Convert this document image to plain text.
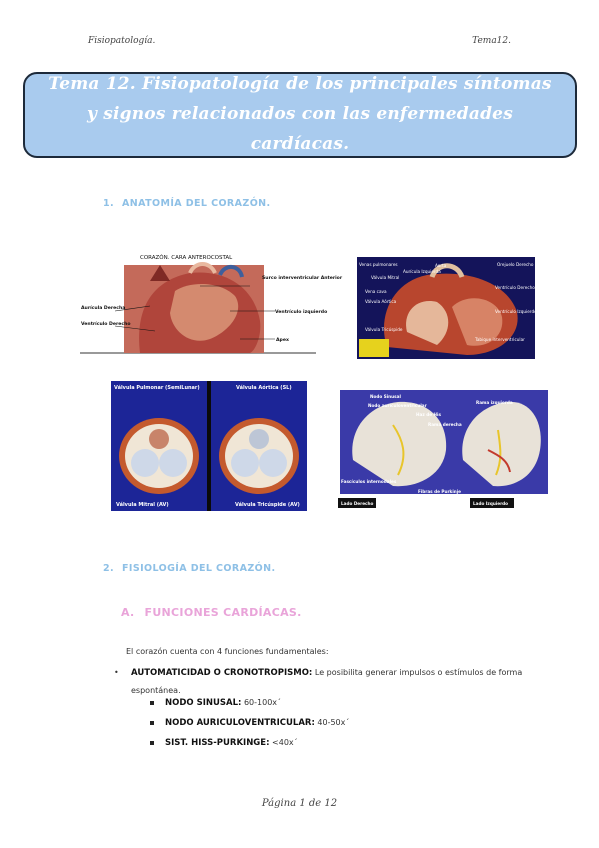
Fisiopatología.	Tema12.
Tema 12. Fisiopatología de los principales síntomas y signos relacionados con las enfermedades cardíacas.
1. ANATOMÍA DEL CORAZÓN.
CORAZÓN. CARA ANTEROCOSTAL
Surco interventricular Anterior
Aurícula Derecha
Ventrículo izquierdo
Ventrículo Derecho
Apex
Venas pulmonares	Aorta	Orejuelo Derecho
Aurícula Izquierda
Válvula Mitral
Vena cava
Válvula Aórtica
Válvula Tricúspide
Ventrículo Derecho
Ventrículo Izquierdo
Tabique interventricular
Válvula Pulmonar (SemiLunar)	Válvula Aórtica (SL)
Válvula Mitral (AV)	Válvula Tricúspide (AV)
Nodo Sinusal
Nodo auriculoventricular
Haz de His
Rama derecha
Rama izquierda
Fascículos internodales
Fibras de Purkinje
Lado Derecho	Lado Izquierdo
2. FISIOLOGÍA DEL CORAZÓN.
A. FUNCIONES CARDÍACAS.
El corazón cuenta con 4 funciones fundamentales:
• AUTOMATICIDAD O CRONOTROPISMO: Le posibilita generar impulsos o estímulos de forma espontánea.
NODO SINUSAL: 60-100x´
NODO AURICULOVENTRICULAR: 40-50x´
SIST. HISS-PURKINGE: <40x´
Página 1 de 12
